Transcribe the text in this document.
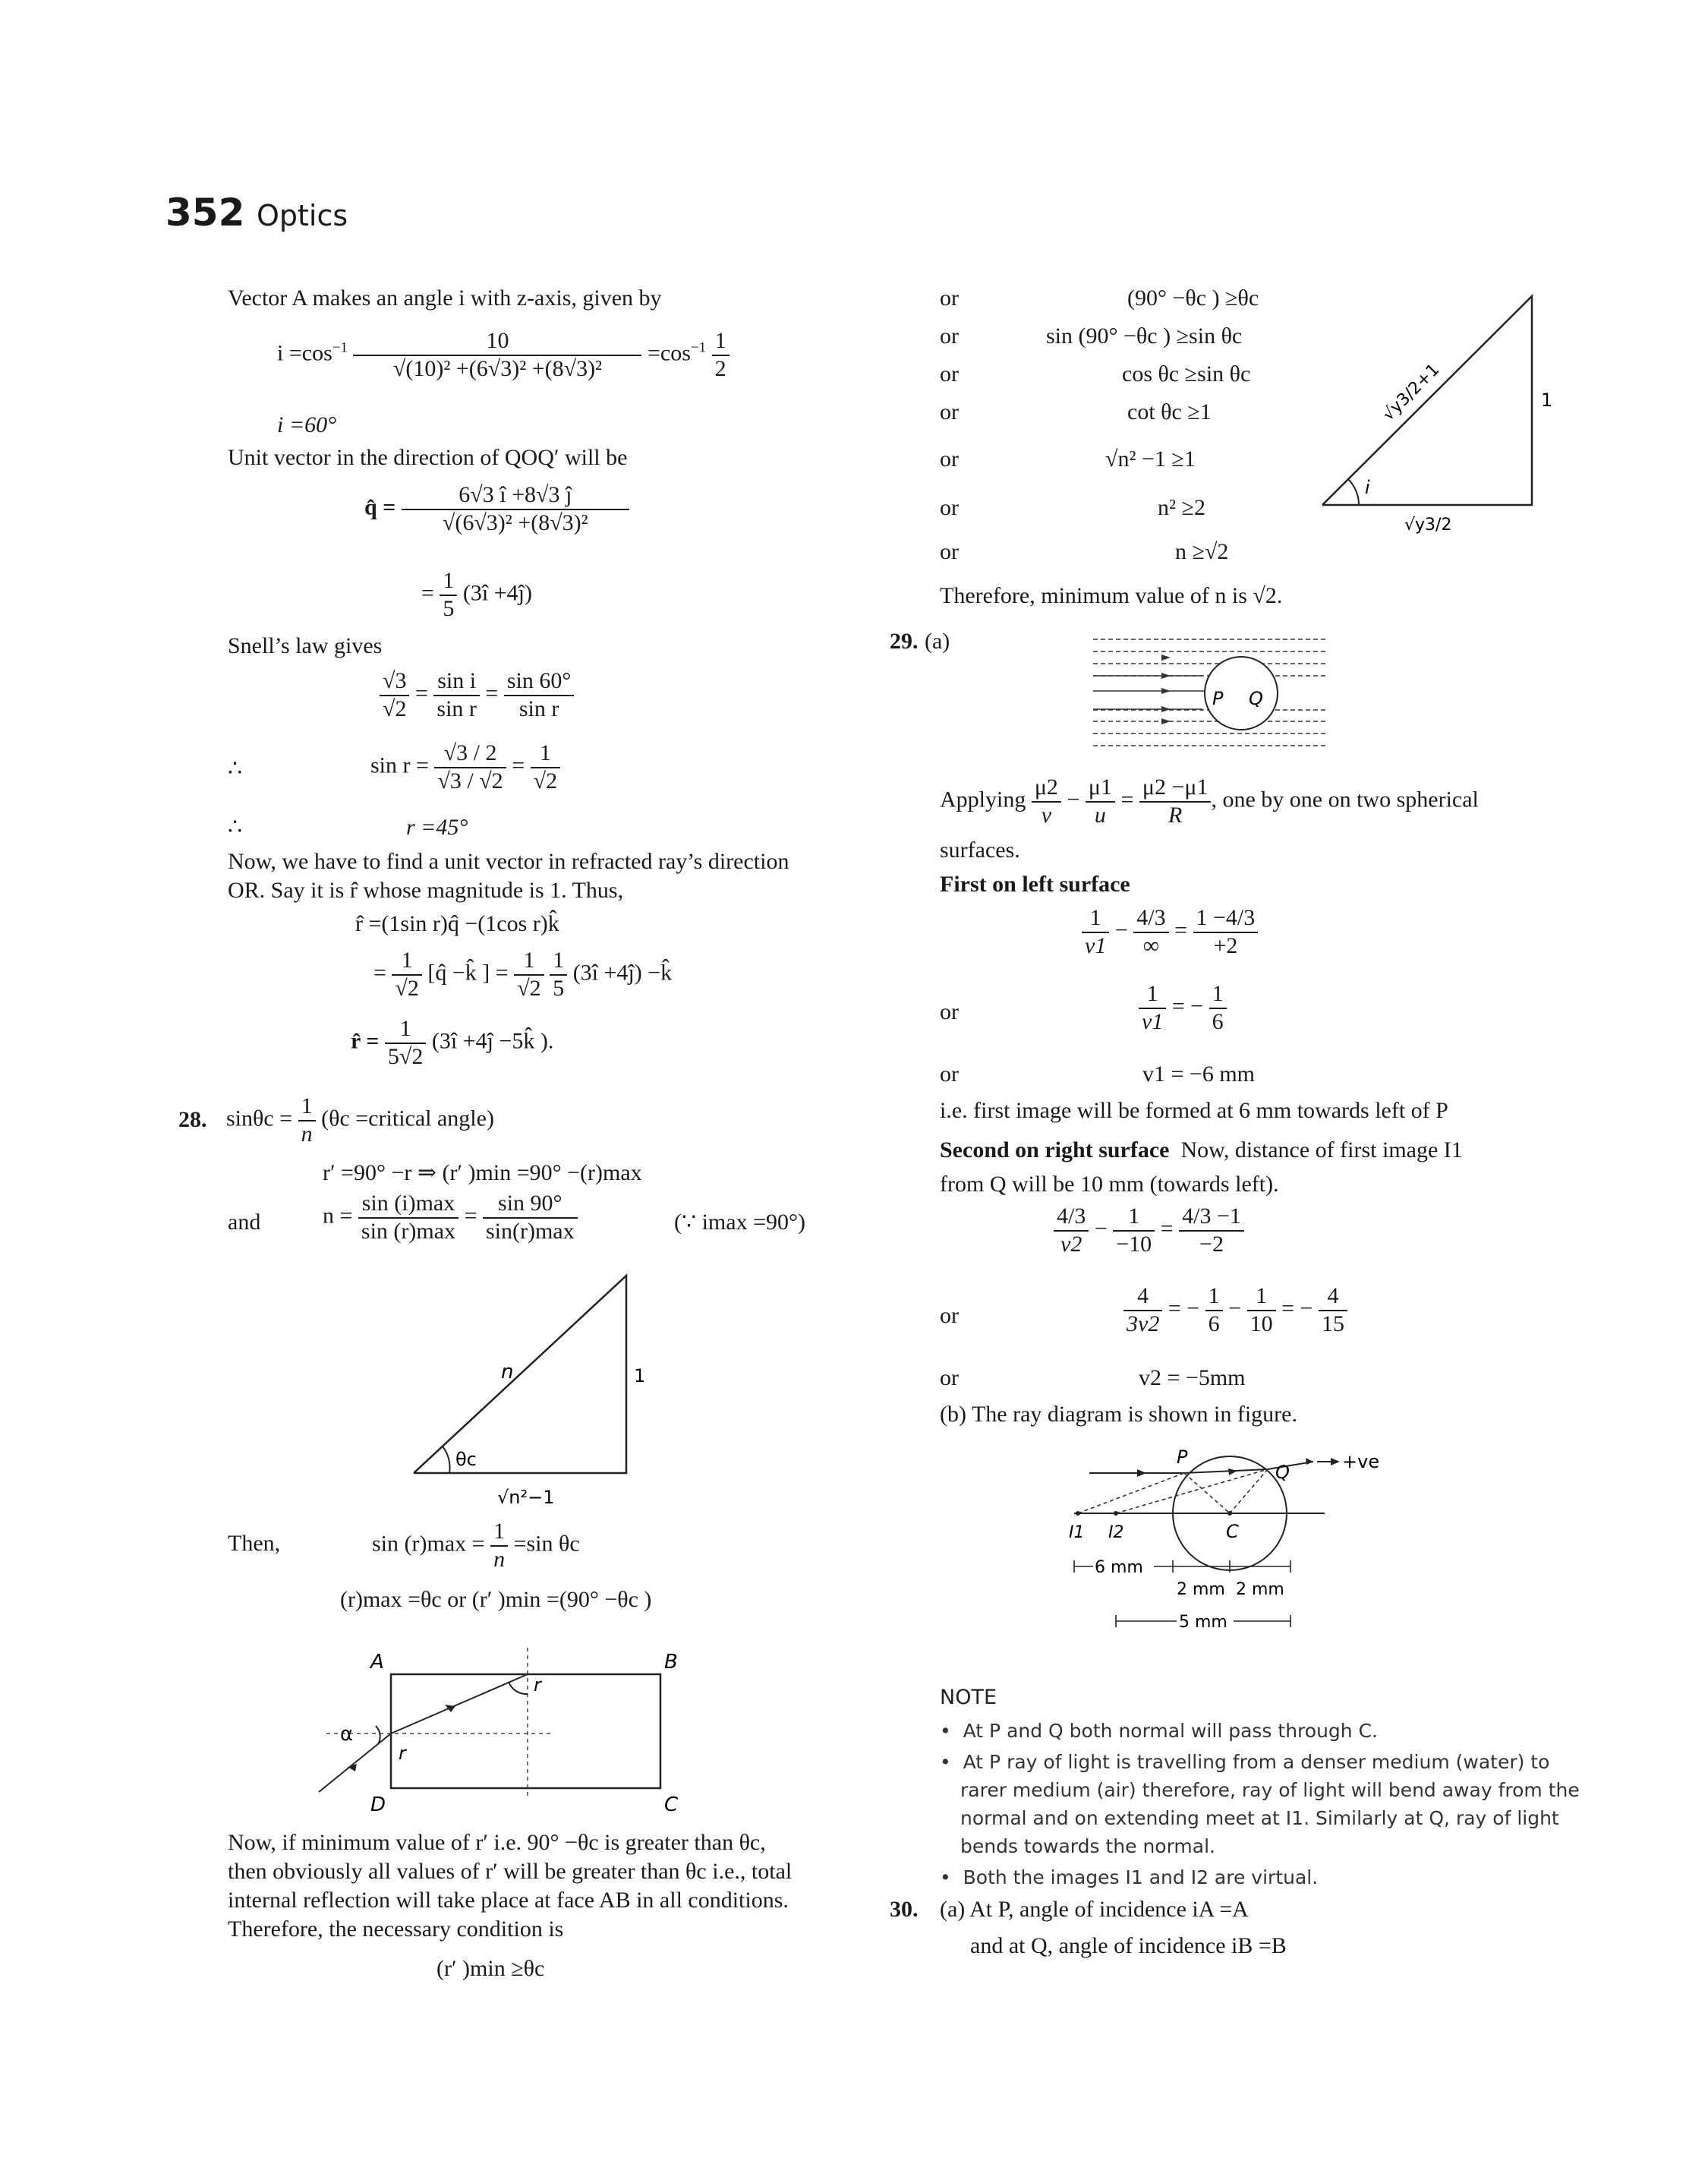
352 Optics
Vector A makes an angle i with z-axis, given by
$i =\cos^{-1} \frac{10}{\text{√(10)² +(6√3)² +(8√3)²}} =\cos^{-1} \frac{1}{2}$
i =60°
Unit vector in the direction of QOQ′ will be
q̂ = $\frac{6√3 î +8√3 ĵ}{\text{√(6√3)² +(8√3)²}}$
= $\frac{1}{5}$ (3î +4ĵ)
Snell’s law gives
$\frac{√3}{√2} = \frac{\text{sin i}}{\text{sin r}} = \frac{\sin 60^\circ}{\text{sin r}}$
∴	$\sin r = \frac{√3 / 2}{√3 / √2} = \frac{1}{√2}$
∴	r =45°
Now, we have to find a unit vector in refracted ray’s direction
OR. Say it is r̂ whose magnitude is 1. Thus,
r̂ =(1sin r)q̂ −(1cos r)k̂
= $\frac{1}{√2}$ [q̂ −k̂ ] = $\frac{1}{√2}$
$\frac{1}{5}$ (3î +4ĵ) −k̂
r̂ = $\frac{1}{5√2}$ (3î +4ĵ −5k̂ ).
28. $\sin\theta c = \frac{1}{n} (\theta c$ =critical angle)
r′ =90° −r ⇒ (r′ )min =90° −(r)max
and	$n = \frac{\sin (i)\max}{\sin (r)\max} = \frac{\sin 90^\circ}{\sin(r)\max}$	(∵ imax =90°)
n	1
θc
√n²−1
Then,	$\sin (r)\max = \frac{1}{n} =\sin$ θc
(r)max =θc or (r′ )min =(90° −θc )
A	B
C
D
α
r
r
Now, if minimum value of r′ i.e. 90° −θc is greater than θc,
then obviously all values of r′ will be greater than θc i.e., total
internal reflection will take place at face AB in all conditions.
Therefore, the necessary condition is
(r′ )min ≥θc
or
or
or
or
or
or
or
(90° −θc ) ≥θc
sin (90° −θc ) ≥sin θc
cos θc ≥sin θc
cot θc ≥1
√n² −1 ≥1
n² ≥2
n ≥√2
1
i
√y3/2
√y3/2+1
Therefore, minimum value of n is √2.
29. (a)
P Q
Applying $\frac{\mu 2}{v} - \frac{\mu 1}{u} = \frac{\mu 2 -\mu 1}{R}$ , one by one on two spherical
surfaces.
First on left surface
$\frac{1}{v1} - \frac{4/3}{\infty} = \frac{1 -4/3}{+2}$
or	$\frac{1}{v1}$ = − $\frac{1}{6}$
or	v1 = −6 mm
i.e. first image will be formed at 6 mm towards left of P
Second on right surface Now, distance of first image I1
from Q will be 10 mm (towards left).
$\frac{4/3}{v2} - \frac{1}{-10} = \frac{4/3 -1}{-2}$
or	$\frac{4}{3v2}$ = − $\frac{1}{6} - \frac{1}{10}$ = − $\frac{4}{15}$
or	v2 = −5mm
(b) The ray diagram is shown in figure.
P
Q
C
I1 I2
+ve
6 mm
2 mm 2 mm
5 mm
NOTE
•  At P and Q both normal will pass through C.
•  At P ray of light is travelling from a denser medium (water) to
rarer medium (air) therefore, ray of light will bend away from the
normal and on extending meet at I1. Similarly at Q, ray of light
bends towards the normal.
•  Both the images I1 and I2 are virtual.
30. (a) At P, angle of incidence iA =A
and at Q, angle of incidence iB =B
